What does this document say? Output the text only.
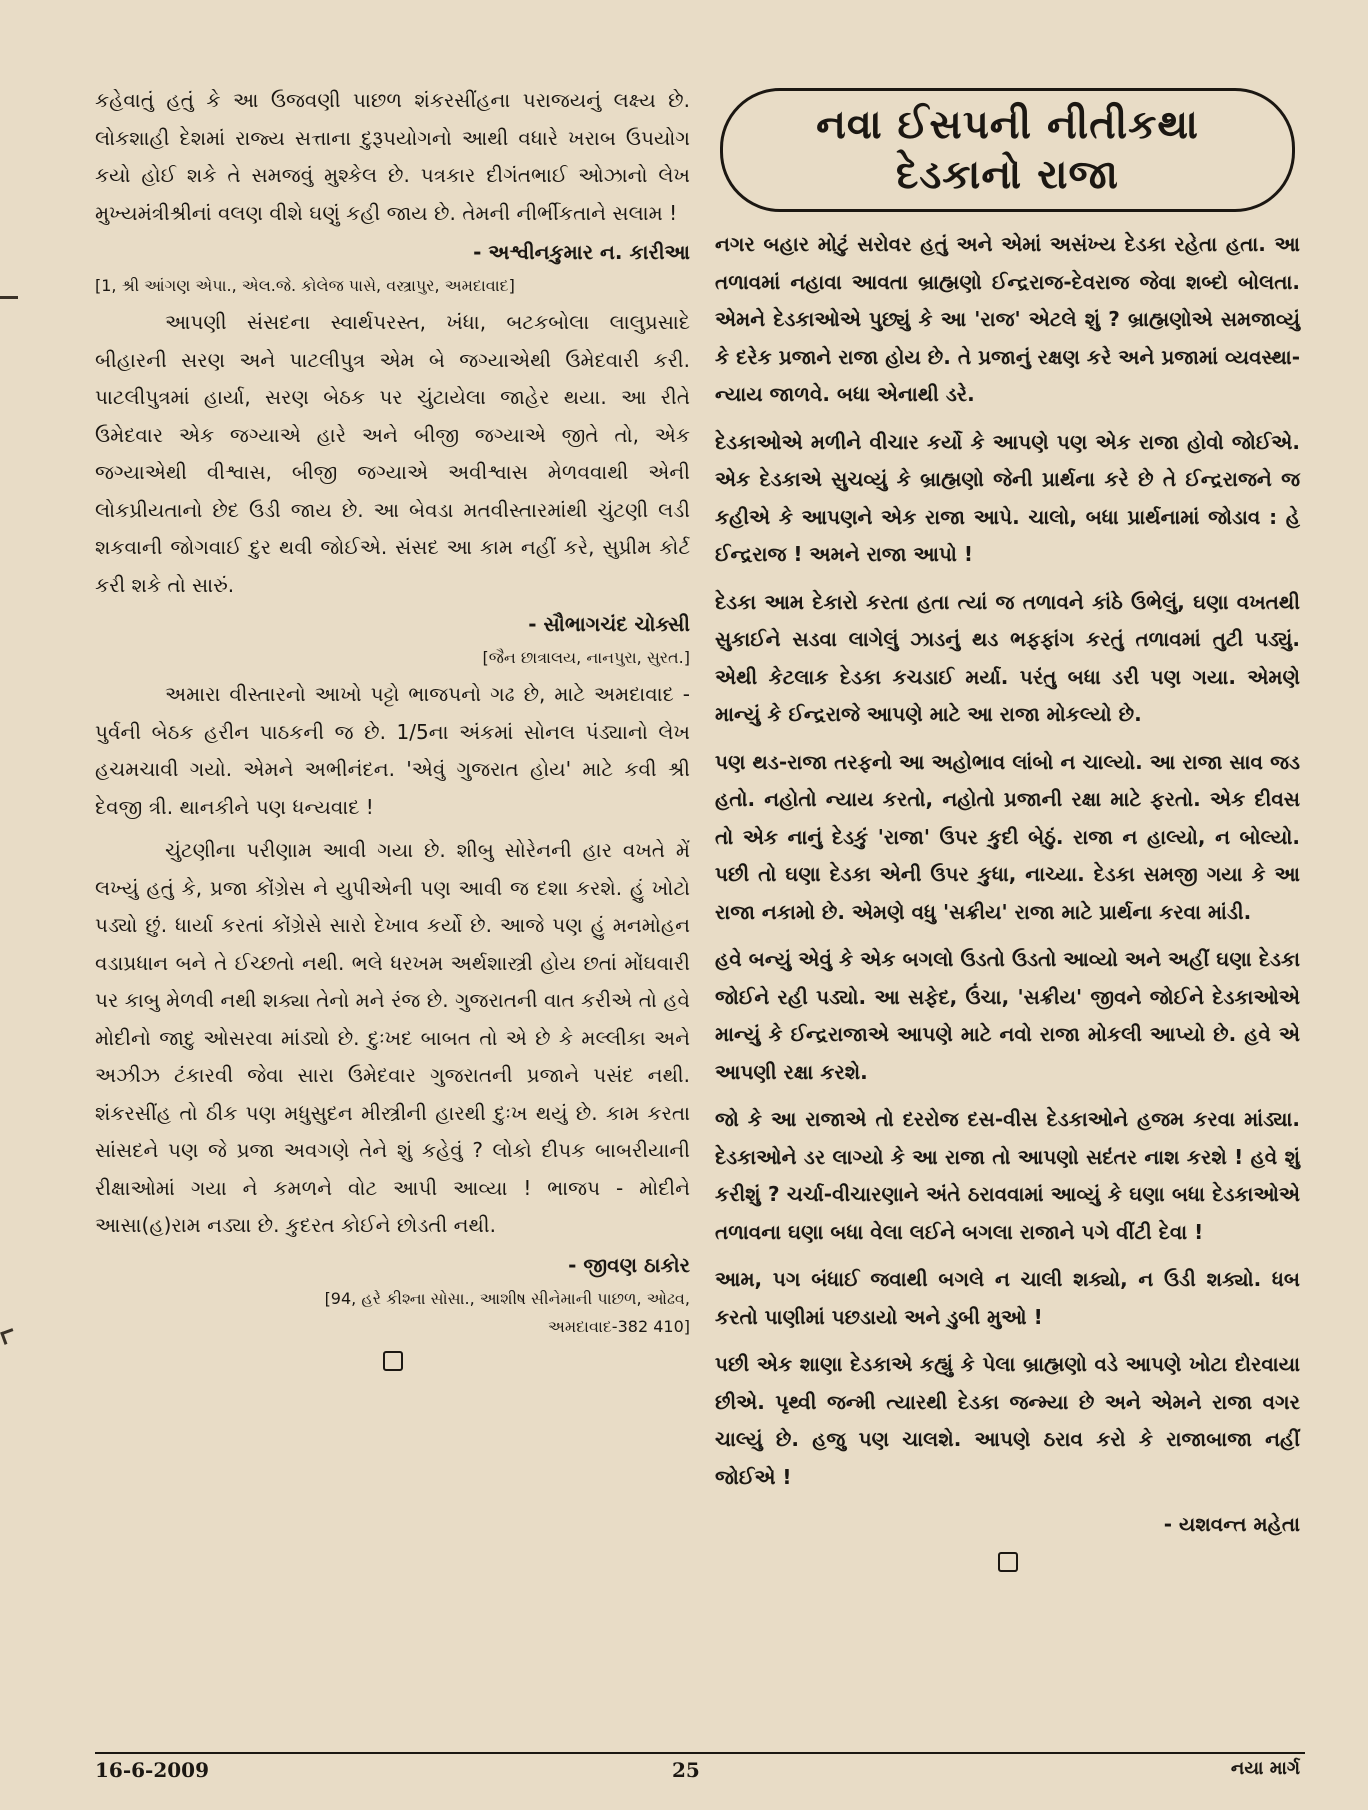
કહેવાતું હતું કે આ ઉજવણી પાછળ શંકરસીંહના પરાજયનું લક્ષ્ય છે. લોકશાહી દેશમાં રાજ્ય સત્તાના દુરૂપયોગનો આથી વધારે ખરાબ ઉપયોગ કયો હોઈ શકે તે સમજવું મુશ્કેલ છે. પત્રકાર દીગંતભાઈ ઓઝાનો લેખ મુખ્યમંત્રીશ્રીનાં વલણ વીશે ઘણું કહી જાય છે. તેમની નીર્ભીકતાને સલામ !

- અશ્વીનકુમાર ન. કારીઆ
[1, શ્રી આંગણ એપા., એલ.જે. કોલેજ પાસે, વસ્ત્રાપુર, અમદાવાદ]

આપણી સંસદના સ્વાર્થપરસ્ત, ખંધા, બટકબોલા લાલુપ્રસાદે બીહારની સરણ અને પાટલીપુત્ર એમ બે જગ્યાએથી ઉમેદવારી કરી. પાટલીપુત્રમાં હાર્યા, સરણ બેઠક પર ચુંટાયેલા જાહેર થયા. આ રીતે ઉમેદવાર એક જગ્યાએ હારે અને બીજી જગ્યાએ જીતે તો, એક જગ્યાએથી વીશ્વાસ, બીજી જગ્યાએ અવીશ્વાસ મેળવવાથી એની લોકપ્રીયતાનો છેદ ઉડી જાય છે. આ બેવડા મતવીસ્તારમાંથી ચુંટણી લડી શકવાની જોગવાઈ દુર થવી જોઈએ. સંસદ આ કામ નહીં કરે, સુપ્રીમ કોર્ટ કરી શકે તો સારું.

- સૌભાગચંદ ચોક્સી
[જૈન છાત્રાલય, નાનપુરા, સુરત.]

અમારા વીસ્તારનો આખો પટ્ટો ભાજપનો ગઢ છે, માટે અમદાવાદ - પુર્વની બેઠક હરીન પાઠકની જ છે. 1/5ના અંકમાં સોનલ પંડ્યાનો લેખ હચમચાવી ગયો. એમને અભીનંદન. 'એવું ગુજરાત હોય' માટે કવી શ્રી દેવજી ત્રી. થાનકીને પણ ધન્યવાદ !

ચુંટણીના પરીણામ આવી ગયા છે. શીબુ સોરેનની હાર વખતે મેં લખ્યું હતું કે, પ્રજા કોંગ્રેસ ને યુપીએની પણ આવી જ દશા કરશે. હું ખોટો પડ્યો છું. ધાર્યા કરતાં કોંગ્રેસે સારો દેખાવ કર્યો છે. આજે પણ હું મનમોહન વડાપ્રધાન બને તે ઈચ્છતો નથી. ભલે ધરખમ અર્થશાસ્ત્રી હોય છતાં મોંઘવારી પર કાબુ મેળવી નથી શક્યા તેનો મને રંજ છે. ગુજરાતની વાત કરીએ તો હવે મોદીનો જાદુ ઓસરવા માંડ્યો છે. દુઃખદ બાબત તો એ છે કે મલ્લીકા અને અઝીઝ ટંકારવી જેવા સારા ઉમેદવાર ગુજરાતની પ્રજાને પસંદ નથી. શંકરસીંહ તો ઠીક પણ મધુસુદન મીસ્ત્રીની હારથી દુઃખ થયું છે. કામ કરતા સાંસદને પણ જે પ્રજા અવગણે તેને શું કહેવું ? લોકો દીપક બાબરીયાની રીક્ષાઓમાં ગયા ને કમળને વોટ આપી આવ્યા ! ભાજપ - મોદીને આસા(હ)રામ નડ્યા છે. કુદરત કોઈને છોડતી નથી.

- જીવણ ઠાકોર
[94, હરે કીશ્ના સોસા., આશીષ સીનેમાની પાછળ, ઓઢવ,
અમદાવાદ-382 410]
નવા ઈસપની નીતીકથા
દેડકાનો રાજા

નગર બહાર મોટું સરોવર હતું અને એમાં અસંખ્ય દેડકા રહેતા હતા. આ તળાવમાં નહાવા આવતા બ્રાહ્મણો ઈન્દ્રરાજ-દેવરાજ જેવા શબ્દો બોલતા. એમને દેડકાઓએ પુછ્યું કે આ 'રાજ' એટલે શું ? બ્રાહ્મણોએ સમજાવ્યું કે દરેક પ્રજાને રાજા હોય છે. તે પ્રજાનું રક્ષણ કરે અને પ્રજામાં વ્યવસ્થા-ન્યાય જાળવે. બધા એનાથી ડરે.

દેડકાઓએ મળીને વીચાર કર્યો કે આપણે પણ એક રાજા હોવો જોઈએ. એક દેડકાએ સુચવ્યું કે બ્રાહ્મણો જેની પ્રાર્થના કરે છે તે ઈન્દ્રરાજને જ કહીએ કે આપણને એક રાજા આપે. ચાલો, બધા પ્રાર્થનામાં જોડાવ : હે ઈન્દ્રરાજ ! અમને રાજા આપો !

દેડકા આમ દેકારો કરતા હતા ત્યાં જ તળાવને કાંઠે ઉભેલું, ઘણા વખતથી સુકાઈને સડવા લાગેલું ઝાડનું થડ ભફફાંગ કરતું તળાવમાં તુટી પડ્યું. એથી કેટલાક દેડકા કચડાઈ મર્યા. પરંતુ બધા ડરી પણ ગયા. એમણે માન્યું કે ઈન્દ્રરાજે આપણે માટે આ રાજા મોકલ્યો છે.

પણ થડ-રાજા તરફનો આ અહોભાવ લાંબો ન ચાલ્યો. આ રાજા સાવ જડ હતો. નહોતો ન્યાય કરતો, નહોતો પ્રજાની રક્ષા માટે ફરતો. એક દીવસ તો એક નાનું દેડકું 'રાજા' ઉપર કુદી બેઠું. રાજા ન હાલ્યો, ન બોલ્યો. પછી તો ઘણા દેડકા એની ઉપર કુધા, નાચ્યા. દેડકા સમજી ગયા કે આ રાજા નકામો છે. એમણે વધુ 'સક્રીય' રાજા માટે પ્રાર્થના કરવા માંડી.

હવે બન્યું એવું કે એક બગલો ઉડતો ઉડતો આવ્યો અને અહીં ઘણા દેડકા જોઈને રહી પડ્યો. આ સફેદ, ઉંચા, 'સક્રીય' જીવને જોઈને દેડકાઓએ માન્યું કે ઈન્દ્રરાજાએ આપણે માટે નવો રાજા મોકલી આપ્યો છે. હવે એ આપણી રક્ષા કરશે.

જો કે આ રાજાએ તો દરરોજ દસ-વીસ દેડકાઓને હજમ કરવા માંડ્યા. દેડકાઓને ડર લાગ્યો કે આ રાજા તો આપણો સદંતર નાશ કરશે ! હવે શું કરીશું ? ચર્ચા-વીચારણાને અંતે ઠરાવવામાં આવ્યું કે ઘણા બધા દેડકાઓએ તળાવના ઘણા બધા વેલા લઈને બગલા રાજાને પગે વીંટી દેવા !

આમ, પગ બંધાઈ જવાથી બગલે ન ચાલી શક્યો, ન ઉડી શક્યો. ધબ કરતો પાણીમાં પછડાયો અને ડુબી મુઓ !

પછી એક શાણા દેડકાએ કહ્યું કે પેલા બ્રાહ્મણો વડે આપણે ખોટા દોરવાયા છીએ. પૃથ્વી જન્મી ત્યારથી દેડકા જન્મ્યા છે અને એમને રાજા વગર ચાલ્યું છે. હજુ પણ ચાલશે. આપણે ઠરાવ કરો કે રાજાબાજા નહીં જોઈએ !

- યશવન્ત મહેતા
16-6-2009	25	નયા માર્ગ
